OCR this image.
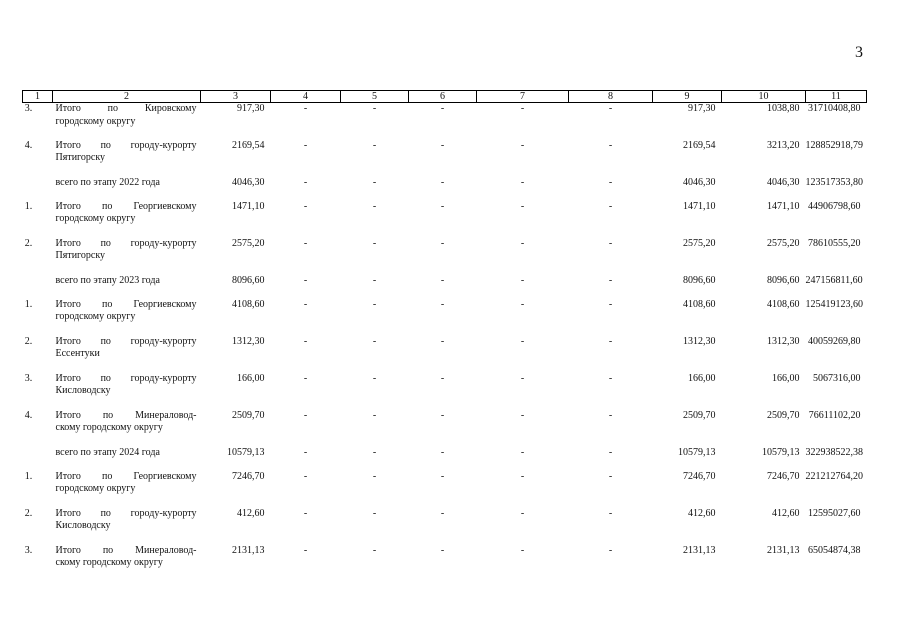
3
1	2	3	4	5	6	7	8	9	10	11
3.	Итого по Кировскому
городскому округу	917,30	-	-	-	-	-	917,30	1038,80	31710408,80
4.	Итого по городу-курорту
Пятигорску	2169,54	-	-	-	-	-	2169,54	3213,20	128852918,79

	всего по этапу 2022 года	4046,30	-	-	-	-	-	4046,30	4046,30	123517353,80
1.	Итого по Георгиевскому
городскому округу	1471,10	-	-	-	-	-	1471,10	1471,10	44906798,60
2.	Итого по городу-курорту
Пятигорску	2575,20	-	-	-	-	-	2575,20	2575,20	78610555,20

	всего по этапу 2023 года	8096,60	-	-	-	-	-	8096,60	8096,60	247156811,60
1.	Итого по Георгиевскому
городскому округу	4108,60	-	-	-	-	-	4108,60	4108,60	125419123,60
2.	Итого по городу-курорту
Ессентуки	1312,30	-	-	-	-	-	1312,30	1312,30	40059269,80
3.	Итого по городу-курорту
Кисловодску	166,00	-	-	-	-	-	166,00	166,00	5067316,00
4.	Итого по Минераловод-
скому городскому округу	2509,70	-	-	-	-	-	2509,70	2509,70	76611102,20

	всего по этапу 2024 года	10579,13	-	-	-	-	-	10579,13	10579,13	322938522,38
1.	Итого по Георгиевскому
городскому округу	7246,70	-	-	-	-	-	7246,70	7246,70	221212764,20
2.	Итого по городу-курорту
Кисловодску	412,60	-	-	-	-	-	412,60	412,60	12595027,60
3.	Итого по Минераловод-
скому городскому округу	2131,13	-	-	-	-	-	2131,13	2131,13	65054874,38
